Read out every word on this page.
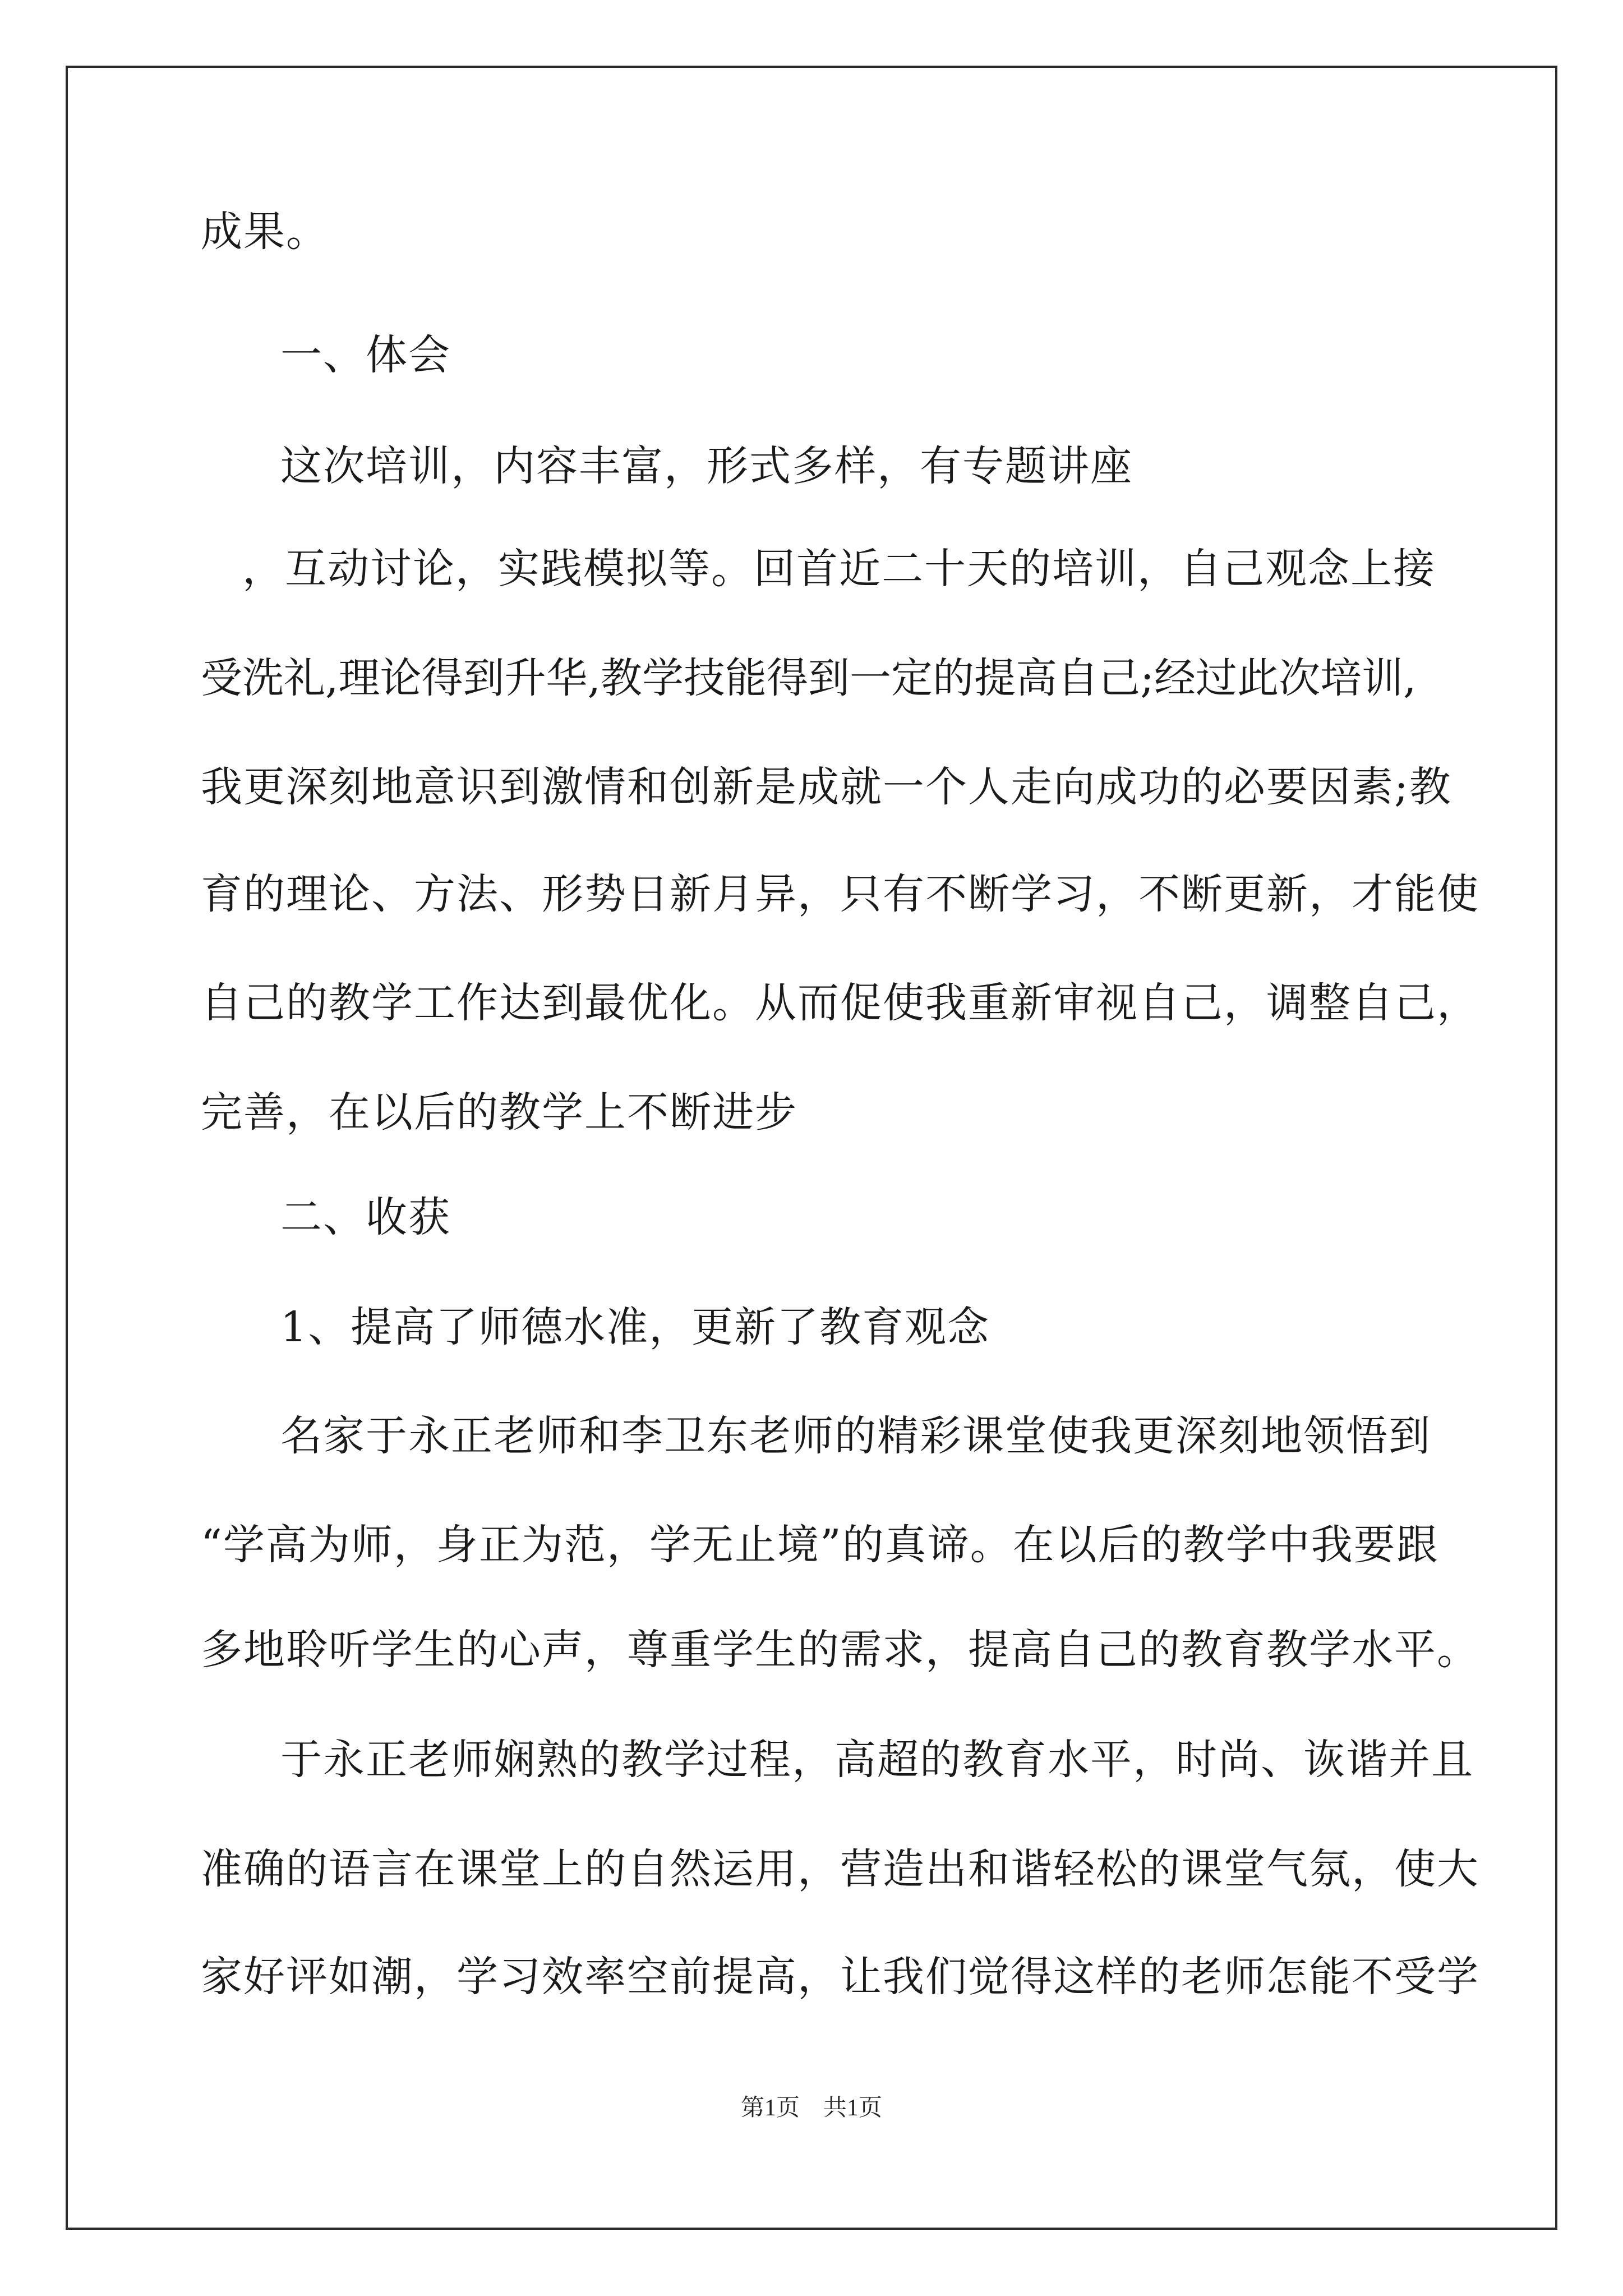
成果。
一、体会
这次培训，内容丰富，形式多样，有专题讲座
，互动讨论，实践模拟等。回首近二十天的培训，自己观念上接
受洗礼,理论得到升华,教学技能得到一定的提高自己;经过此次培训,
我更深刻地意识到激情和创新是成就一个人走向成功的必要因素;教
育的理论、方法、形势日新月异，只有不断学习，不断更新，才能使
自己的教学工作达到最优化。从而促使我重新审视自己，调整自己，
完善，在以后的教学上不断进步
二、收获
1、提高了师德水准，更新了教育观念
名家于永正老师和李卫东老师的精彩课堂使我更深刻地领悟到
“学高为师，身正为范，学无止境”的真谛。在以后的教学中我要跟
多地聆听学生的心声，尊重学生的需求，提高自己的教育教学水平。
于永正老师娴熟的教学过程，高超的教育水平，时尚、诙谐并且
准确的语言在课堂上的自然运用，营造出和谐轻松的课堂气氛，使大
家好评如潮，学习效率空前提高，让我们觉得这样的老师怎能不受学
第1页　共1页
